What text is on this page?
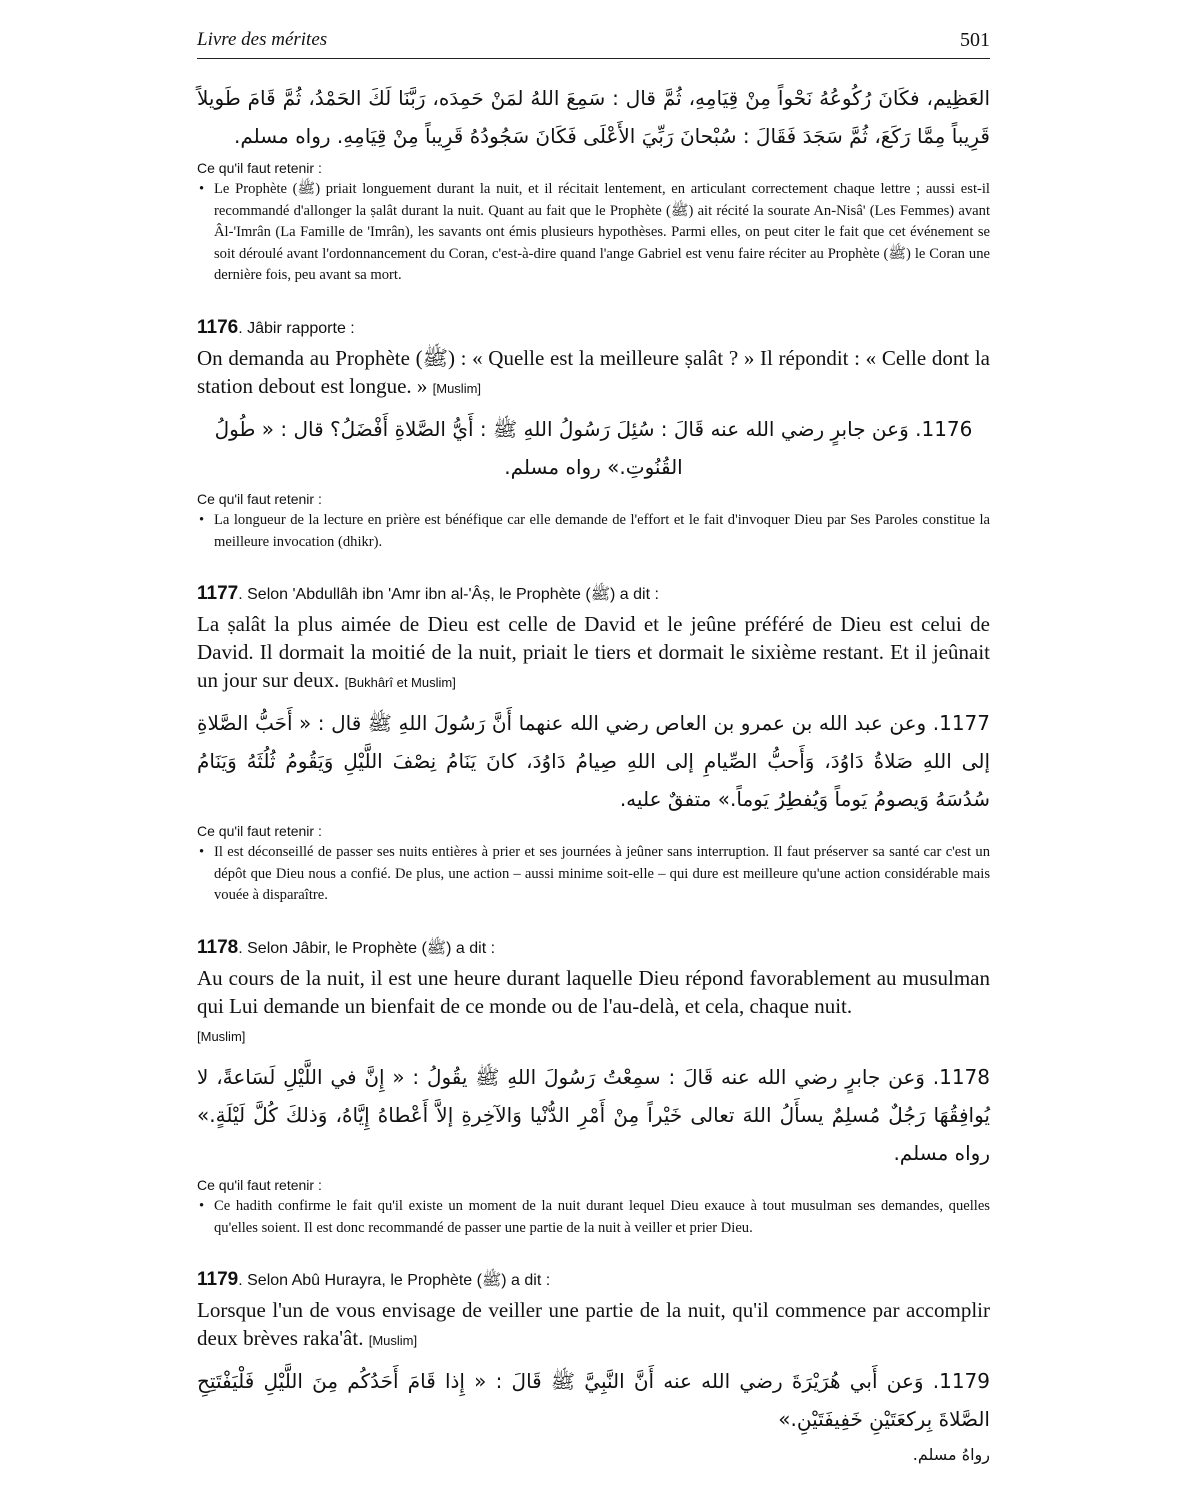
Livre des mérites	501
العَظِيم، فكَانَ رُكُوعُهُ نَحْواً مِنْ قِيَامِهِ، ثُمَّ قال : سَمِعَ اللهُ لمَنْ حَمِدَه، رَبَّنَا لَكَ الحَمْدُ، ثُمَّ قَامَ طَويلاً قَرِيباً مِمَّا رَكَعَ، ثُمَّ سَجَدَ فَقَالَ : سُبْحانَ رَبِّيَ الأَعْلَى فَكَانَ سَجُودُهُ قَرِيباً مِنْ قِيَامِهِ. رواه مسلم.
Ce qu'il faut retenir :
• Le Prophète (ﷺ) priait longuement durant la nuit, et il récitait lentement, en articulant correctement chaque lettre ; aussi est-il recommandé d'allonger la ṣalât durant la nuit. Quant au fait que le Prophète (ﷺ) ait récité la sourate An-Nisâ' (Les Femmes) avant Âl-'Imrân (La Famille de 'Imrân), les savants ont émis plusieurs hypothèses. Parmi elles, on peut citer le fait que cet événement se soit déroulé avant l'ordonnancement du Coran, c'est-à-dire quand l'ange Gabriel est venu faire réciter au Prophète (ﷺ) le Coran une dernière fois, peu avant sa mort.
1176. Jâbir rapporte :
On demanda au Prophète (ﷺ) : « Quelle est la meilleure ṣalât ? » Il répondit : « Celle dont la station debout est longue. » [Muslim]
1176. وَعن جابرٍ رضي الله عنه قَالَ : سُئِلَ رَسُولُ اللهِ ﷺ : أَيُّ الصَّلاةِ أَفْضَلُ؟ قال : « طُولُ القُنُوتِ.» رواه مسلم.
Ce qu'il faut retenir :
• La longueur de la lecture en prière est bénéfique car elle demande de l'effort et le fait d'invoquer Dieu par Ses Paroles constitue la meilleure invocation (dhikr).
1177. Selon 'Abdullâh ibn 'Amr ibn al-'Âṣ, le Prophète (ﷺ) a dit :
La ṣalât la plus aimée de Dieu est celle de David et le jeûne préféré de Dieu est celui de David. Il dormait la moitié de la nuit, priait le tiers et dormait le sixième restant. Et il jeûnait un jour sur deux. [Bukhârî et Muslim]
1177. وعن عبد الله بن عمرو بن العاص رضي الله عنهما أَنَّ رَسُولَ اللهِ ﷺ قال : « أَحَبُّ الصَّلاةِ إلى اللهِ صَلاةُ دَاوُدَ، وَأَحبُّ الصِّيامِ إلى اللهِ صِيامُ دَاوُدَ، كانَ يَنَامُ نِصْفَ اللَّيْلِ وَيَقُومُ ثُلُثَهُ وَيَنَامُ سُدُسَهُ وَيصومُ يَوماً وَيُفطِرُ يَوماً.» متفقٌ عليه.
Ce qu'il faut retenir :
• Il est déconseillé de passer ses nuits entières à prier et ses journées à jeûner sans interruption. Il faut préserver sa santé car c'est un dépôt que Dieu nous a confié. De plus, une action – aussi minime soit-elle – qui dure est meilleure qu'une action considérable mais vouée à disparaître.
1178. Selon Jâbir, le Prophète (ﷺ) a dit :
Au cours de la nuit, il est une heure durant laquelle Dieu répond favorablement au musulman qui Lui demande un bienfait de ce monde ou de l'au-delà, et cela, chaque nuit.
[Muslim]
1178. وَعن جابرٍ رضي الله عنه قَالَ : سمِعْتُ رَسُولَ اللهِ ﷺ يقُولُ : « إِنَّ في اللَّيْلِ لَسَاعةً، لا يُوافِقُهَا رَجُلٌ مُسلِمٌ يسأَلُ اللهَ تعالى خَيْراً مِنْ أَمْرِ الدُّنْيا وَالآخِرةِ إلاَّ أَعْطاهُ إِيَّاهُ، وَذلكَ كُلَّ لَيْلَةٍ.» رواه مسلم.
Ce qu'il faut retenir :
• Ce hadith confirme le fait qu'il existe un moment de la nuit durant lequel Dieu exauce à tout musulman ses demandes, quelles qu'elles soient. Il est donc recommandé de passer une partie de la nuit à veiller et prier Dieu.
1179. Selon Abû Hurayra, le Prophète (ﷺ) a dit :
Lorsque l'un de vous envisage de veiller une partie de la nuit, qu'il commence par accomplir deux brèves raka'ât. [Muslim]
1179. وَعن أَبي هُرَيْرَةَ رضي الله عنه أَنَّ النَّبِيَّ ﷺ قَالَ : « إِذا قَامَ أَحَدُكُم مِنَ اللَّيْلِ فَلْيَفْتَتِحِ الصَّلاةَ بِركعَتَيْنِ خَفِيفَتَيْنِ.»
رواهُ مسلم.
